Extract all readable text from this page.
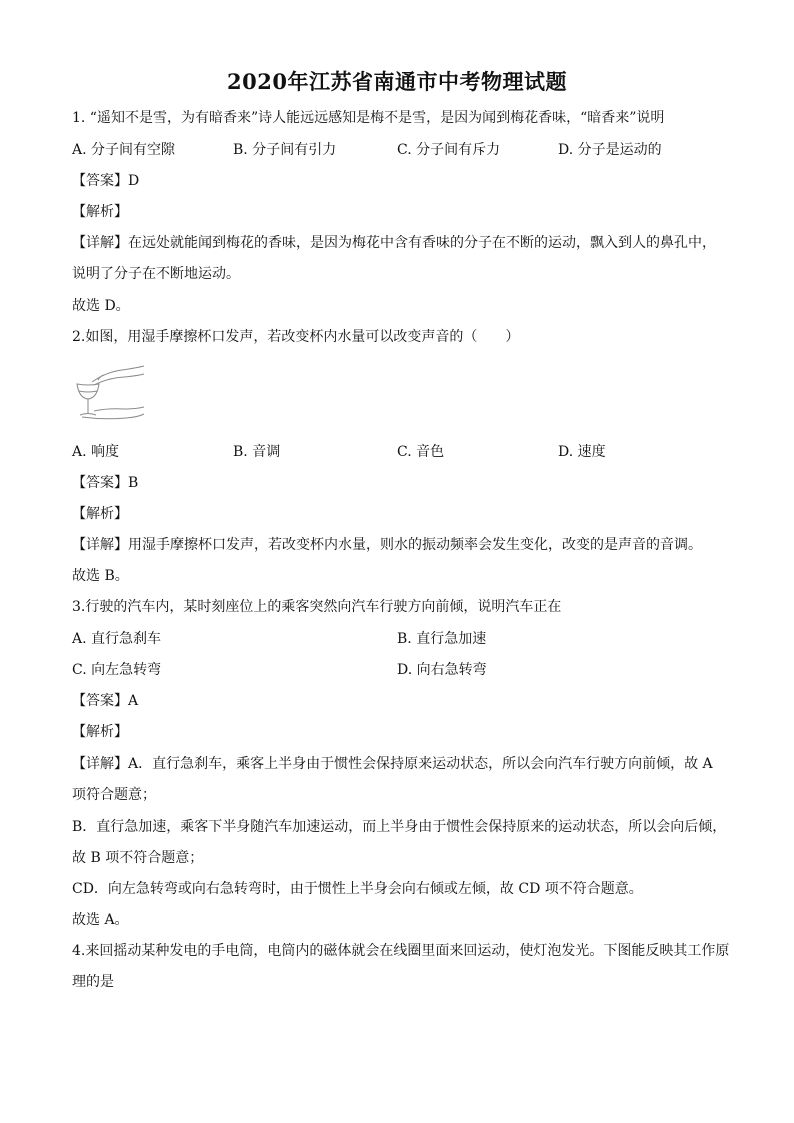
2020年江苏省南通市中考物理试题
1. “遥知不是雪，为有暗香来”诗人能远远感知是梅不是雪，是因为闻到梅花香味，“暗香来”说明
A. 分子间有空隙	B. 分子间有引力	C. 分子间有斥力	D. 分子是运动的
【答案】D
【解析】
【详解】在远处就能闻到梅花的香味，是因为梅花中含有香味的分子在不断的运动，飘入到人的鼻孔中，
说明了分子在不断地运动。
故选 D。
2.如图，用湿手摩擦杯口发声，若改变杯内水量可以改变声音的（　　）
A. 响度	B. 音调	C. 音色	D. 速度
【答案】B
【解析】
【详解】用湿手摩擦杯口发声，若改变杯内水量，则水的振动频率会发生变化，改变的是声音的音调。
故选 B。
3.行驶的汽车内，某时刻座位上的乘客突然向汽车行驶方向前倾，说明汽车正在
A. 直行急刹车	B. 直行急加速
C. 向左急转弯	D. 向右急转弯
【答案】A
【解析】
【详解】A．直行急刹车，乘客上半身由于惯性会保持原来运动状态，所以会向汽车行驶方向前倾，故 A
项符合题意；
B．直行急加速，乘客下半身随汽车加速运动，而上半身由于惯性会保持原来的运动状态，所以会向后倾，
故 B 项不符合题意；
CD．向左急转弯或向右急转弯时，由于惯性上半身会向右倾或左倾，故 CD 项不符合题意。
故选 A。
4.来回摇动某种发电的手电筒，电筒内的磁体就会在线圈里面来回运动，使灯泡发光。下图能反映其工作原
理的是
